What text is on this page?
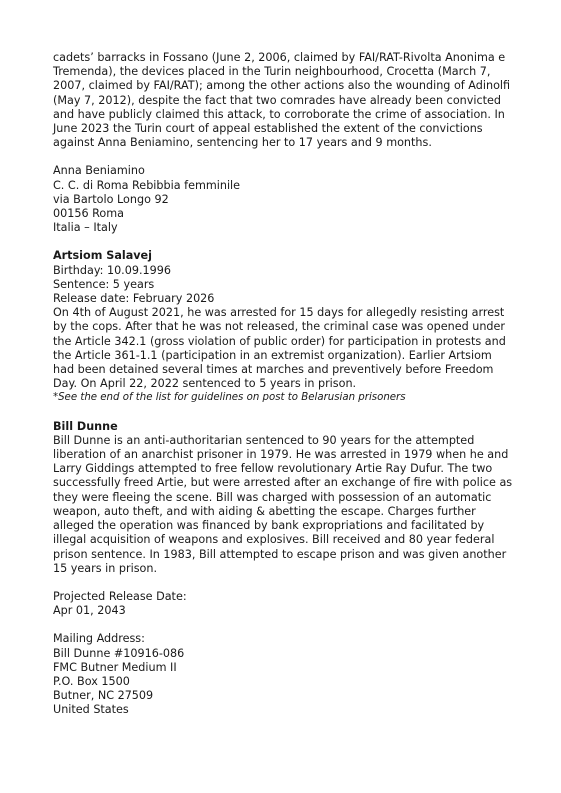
cadets’ barracks in Fossano (June 2, 2006, claimed by FAI/RAT-Rivolta Anonima e Tremenda), the devices placed in the Turin neighbourhood, Crocetta (March 7, 2007, claimed by FAI/RAT); among the other actions also the wounding of Adinolfi (May 7, 2012), despite the fact that two comrades have already been convicted and have publicly claimed this attack, to corroborate the crime of association. In June 2023 the Turin court of appeal established the extent of the convictions against Anna Beniamino, sentencing her to 17 years and 9 months.

Anna Beniamino

C. C. di Roma Rebibbia femminile

via Bartolo Longo 92

00156 Roma

Italia – Italy

Artsiom Salavej

Birthday: 10.09.1996

Sentence: 5 years

Release date: February 2026

On 4th of August 2021, he was arrested for 15 days for allegedly resisting arrest by the cops. After that he was not released, the criminal case was opened under the Article 342.1 (gross violation of public order) for participation in protests and the Article 361-1.1 (participation in an extremist organization). Earlier Artsiom had been detained several times at marches and preventively before Freedom Day. On April 22, 2022 sentenced to 5 years in prison.

*See the end of the list for guidelines on post to Belarusian prisoners

Bill Dunne

Bill Dunne is an anti-authoritarian sentenced to 90 years for the attempted liberation of an anarchist prisoner in 1979. He was arrested in 1979 when he and Larry Giddings attempted to free fellow revolutionary Artie Ray Dufur. The two successfully freed Artie, but were arrested after an exchange of fire with police as they were fleeing the scene. Bill was charged with possession of an automatic weapon, auto theft, and with aiding & abetting the escape. Charges further alleged the operation was financed by bank expropriations and facilitated by illegal acquisition of weapons and explosives. Bill received and 80 year federal prison sentence. In 1983, Bill attempted to escape prison and was given another 15 years in prison.

Projected Release Date:

Apr 01, 2043

Mailing Address:

Bill Dunne #10916-086

FMC Butner Medium II

P.O. Box 1500

Butner, NC 27509

United States
